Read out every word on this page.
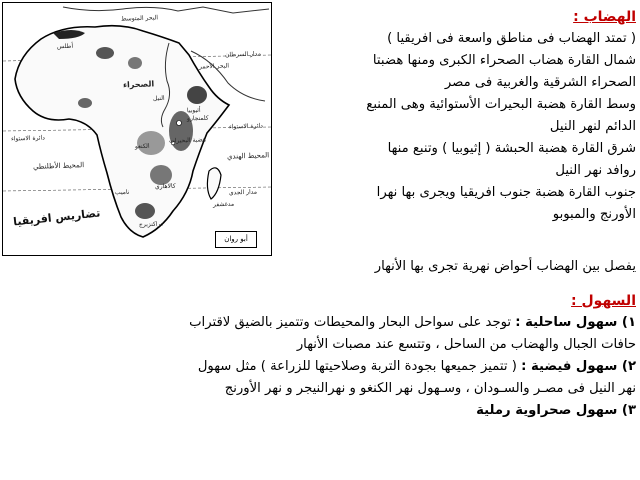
البحر المتوسط
أطلس
الصحراء
أثيوبيا
البحر الأحمر
مدار السرطان
دائرة الاستواء
دائرة الاستواء
المحيط الأطلنطي
المحيط الهندي
كالاهاري
ناميب
دراكنزبرج
كلمنجارو
الكنغو
هضبة البحيرات
النيل
مدغشقر
مدار الجدي
تضاريس افريقيا
أبو روان
الهضاب :
( تمتد الهضاب فى مناطق واسعة فى افريقيا )
شمال القارة هضاب الصحراء الكبرى ومنها هضبتا
الصحراء الشرقية والغربية فى مصر
وسط القارة هضبة البحيرات الأستوائية وهى المنبع
الدائم لنهر النيل
شرق القارة هضبة الحبشة ( إثيوبيا ) وتنبع منها
روافد نهر النيل
جنوب القارة هضبة جنوب افريقيا ويجرى بها نهرا
الأورنج والمبوبو
يفصل بين الهضاب أحواض نهرية تجرى بها الأنهار
السهول :
١) سهول ساحلية : توجد على سواحل البحار والمحيطات وتتميز بالضيق لاقتراب
حافات الجبال والهضاب من الساحل ، وتتسع عند مصبات الأنهار
٢) سهول فيضية : ( تتميز جميعها بجودة التربة وصلاحيتها للزراعة ) مثل سهول
نهر النيل فى مصـر والسـودان ، وسـهول نهر الكنغو و نهرالنيجر و نهر الأورنج
٣) سهول صحراوية رملية
